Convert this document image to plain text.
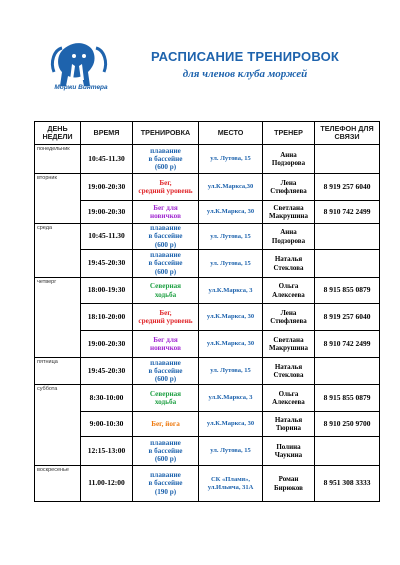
Моржи Винтера
РАСПИСАНИЕ ТРЕНИРОВОК
для членов клуба моржей
ДЕНЬ НЕДЕЛИ	ВРЕМЯ	ТРЕНИРОВКА	МЕСТО	ТРЕНЕР	ТЕЛЕФОН ДЛЯ СВЯЗИ
понедельник	10:45-11.30	плавание
в бассейне
(600 р)	ул. Лутова, 15	Анна
Подзорова	

вторник	19:00-20:30	Бег,
средний уровень	ул.К.Маркса,30	Лена
Стюфляева	8 919 257 6040
	19:00-20:30	Бег для
новичков	ул.К.Маркса, 30	Светлана
Макрушина	8 910 742 2499
среда	10:45-11.30	плавание
в бассейне
(600 р)	ул. Лутова, 15	Анна
Подзорова	

	19:45-20:30	плавание
в бассейне
(600 р)	ул. Лутова, 15	Наталья
Стеклова	

четверг	18:00-19:30	Северная
ходьба	ул.К.Маркса, 3	Ольга
Алексеева	8 915 855 0879
	18:10-20:00	Бег,
средний уровень	ул.К.Маркса, 30	Лена
Стюфляева	8 919 257 6040
	19:00-20:30	Бег для
новичков	ул.К.Маркса, 30	Светлана
Макрушина	8 910 742 2499
пятница	19:45-20:30	плавание
в бассейне
(600 р)	ул. Лутова, 15	Наталья
Стеклова	

суббота	8:30-10:00	Северная
ходьба	ул.К.Маркса, 3	Ольга
Алексеева	8 915 855 0879
	9:00-10:30	Бег, йога	ул.К.Маркса, 30	Наталья
Тюрина	8 910 250 9700
	12:15-13:00	плавание
в бассейне
(600 р)	ул. Лутова, 15	Полина
Чаукина	

воскресенье	11.00-12:00	плавание
в бассейне
(190 р)	СК «Пламя», ул.Ильича, 31А	Роман
Бирюков	8 951 308 3333
